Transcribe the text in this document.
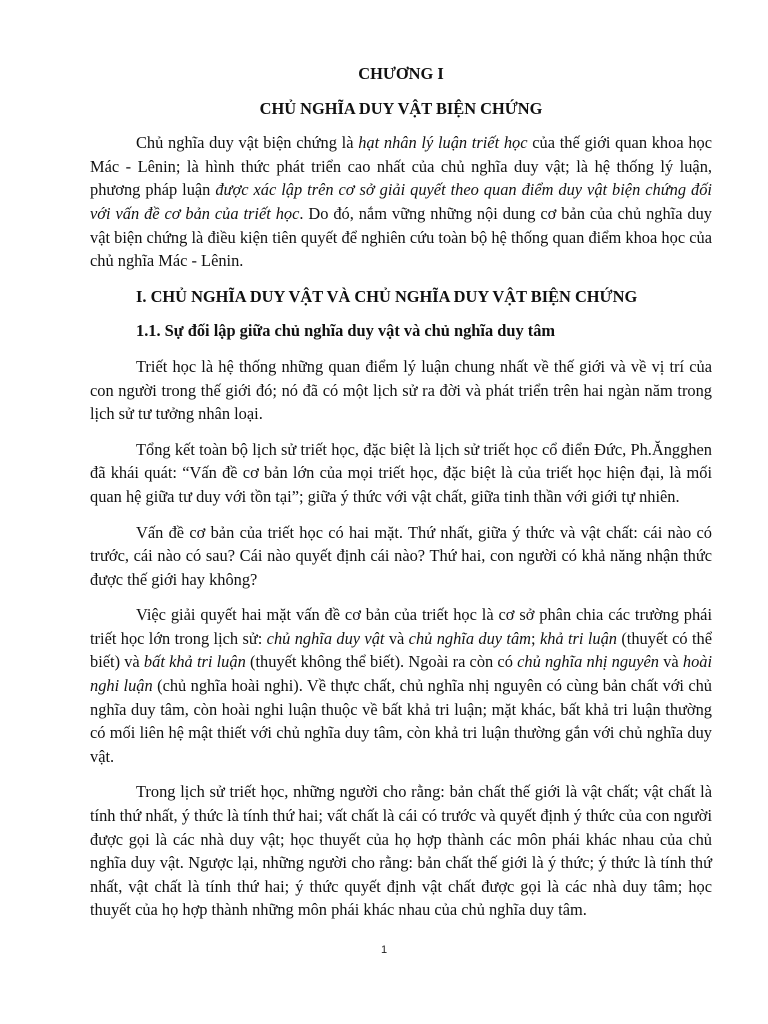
CHƯƠNG I

CHỦ NGHĨA DUY VẬT BIỆN CHỨNG

Chủ nghĩa duy vật biện chứng là hạt nhân lý luận triết học của thế giới quan khoa học Mác - Lênin; là hình thức phát triển cao nhất của chủ nghĩa duy vật; là hệ thống lý luận, phương pháp luận được xác lập trên cơ sở giải quyết theo quan điểm duy vật biện chứng đối với vấn đề cơ bản của triết học. Do đó, nắm vững những nội dung cơ bản của chủ nghĩa duy vật biện chứng là điều kiện tiên quyết để nghiên cứu toàn bộ hệ thống quan điểm khoa học của chủ nghĩa Mác - Lênin.

I. CHỦ NGHĨA DUY VẬT VÀ CHỦ NGHĨA DUY VẬT BIỆN CHỨNG

1.1. Sự đối lập giữa chủ nghĩa duy vật và chủ nghĩa duy tâm

Triết học là hệ thống những quan điểm lý luận chung nhất về thế giới và về vị trí của con người trong thế giới đó; nó đã có một lịch sử ra đời và phát triển trên hai ngàn năm trong lịch sử tư tưởng nhân loại.

Tổng kết toàn bộ lịch sử triết học, đặc biệt là lịch sử triết học cổ điển Đức, Ph.Ăngghen đã khái quát: “Vấn đề cơ bản lớn của mọi triết học, đặc biệt là của triết học hiện đại, là mối quan hệ giữa tư duy với tồn tại”; giữa ý thức với vật chất, giữa tinh thần với giới tự nhiên.

Vấn đề cơ bản của triết học có hai mặt. Thứ nhất, giữa ý thức và vật chất: cái nào có trước, cái nào có sau? Cái nào quyết định cái nào? Thứ hai, con người có khả năng nhận thức được thế giới hay không?

Việc giải quyết hai mặt vấn đề cơ bản của triết học là cơ sở phân chia các trường phái triết học lớn trong lịch sử: chủ nghĩa duy vật và chủ nghĩa duy tâm; khả tri luận (thuyết có thể biết) và bất khả tri luận (thuyết không thể biết). Ngoài ra còn có chủ nghĩa nhị nguyên và hoài nghi luận (chủ nghĩa hoài nghi). Về thực chất, chủ nghĩa nhị nguyên có cùng bản chất với chủ nghĩa duy tâm, còn hoài nghi luận thuộc về bất khả tri luận; mặt khác, bất khả tri luận thường có mối liên hệ mật thiết với chủ nghĩa duy tâm, còn khả tri luận thường gắn với chủ nghĩa duy vật.

Trong lịch sử triết học, những người cho rằng: bản chất thế giới là vật chất; vật chất là tính thứ nhất, ý thức là tính thứ hai; vất chất là cái có trước và quyết định ý thức của con người được gọi là các nhà duy vật; học thuyết của họ hợp thành các môn phái khác nhau của chủ nghĩa duy vật. Ngược lại, những người cho rằng: bản chất thế giới là ý thức; ý thức là tính thứ nhất, vật chất là tính thứ hai; ý thức quyết định vật chất được gọi là các nhà duy tâm; học thuyết của họ hợp thành những môn phái khác nhau của chủ nghĩa duy tâm.

1
